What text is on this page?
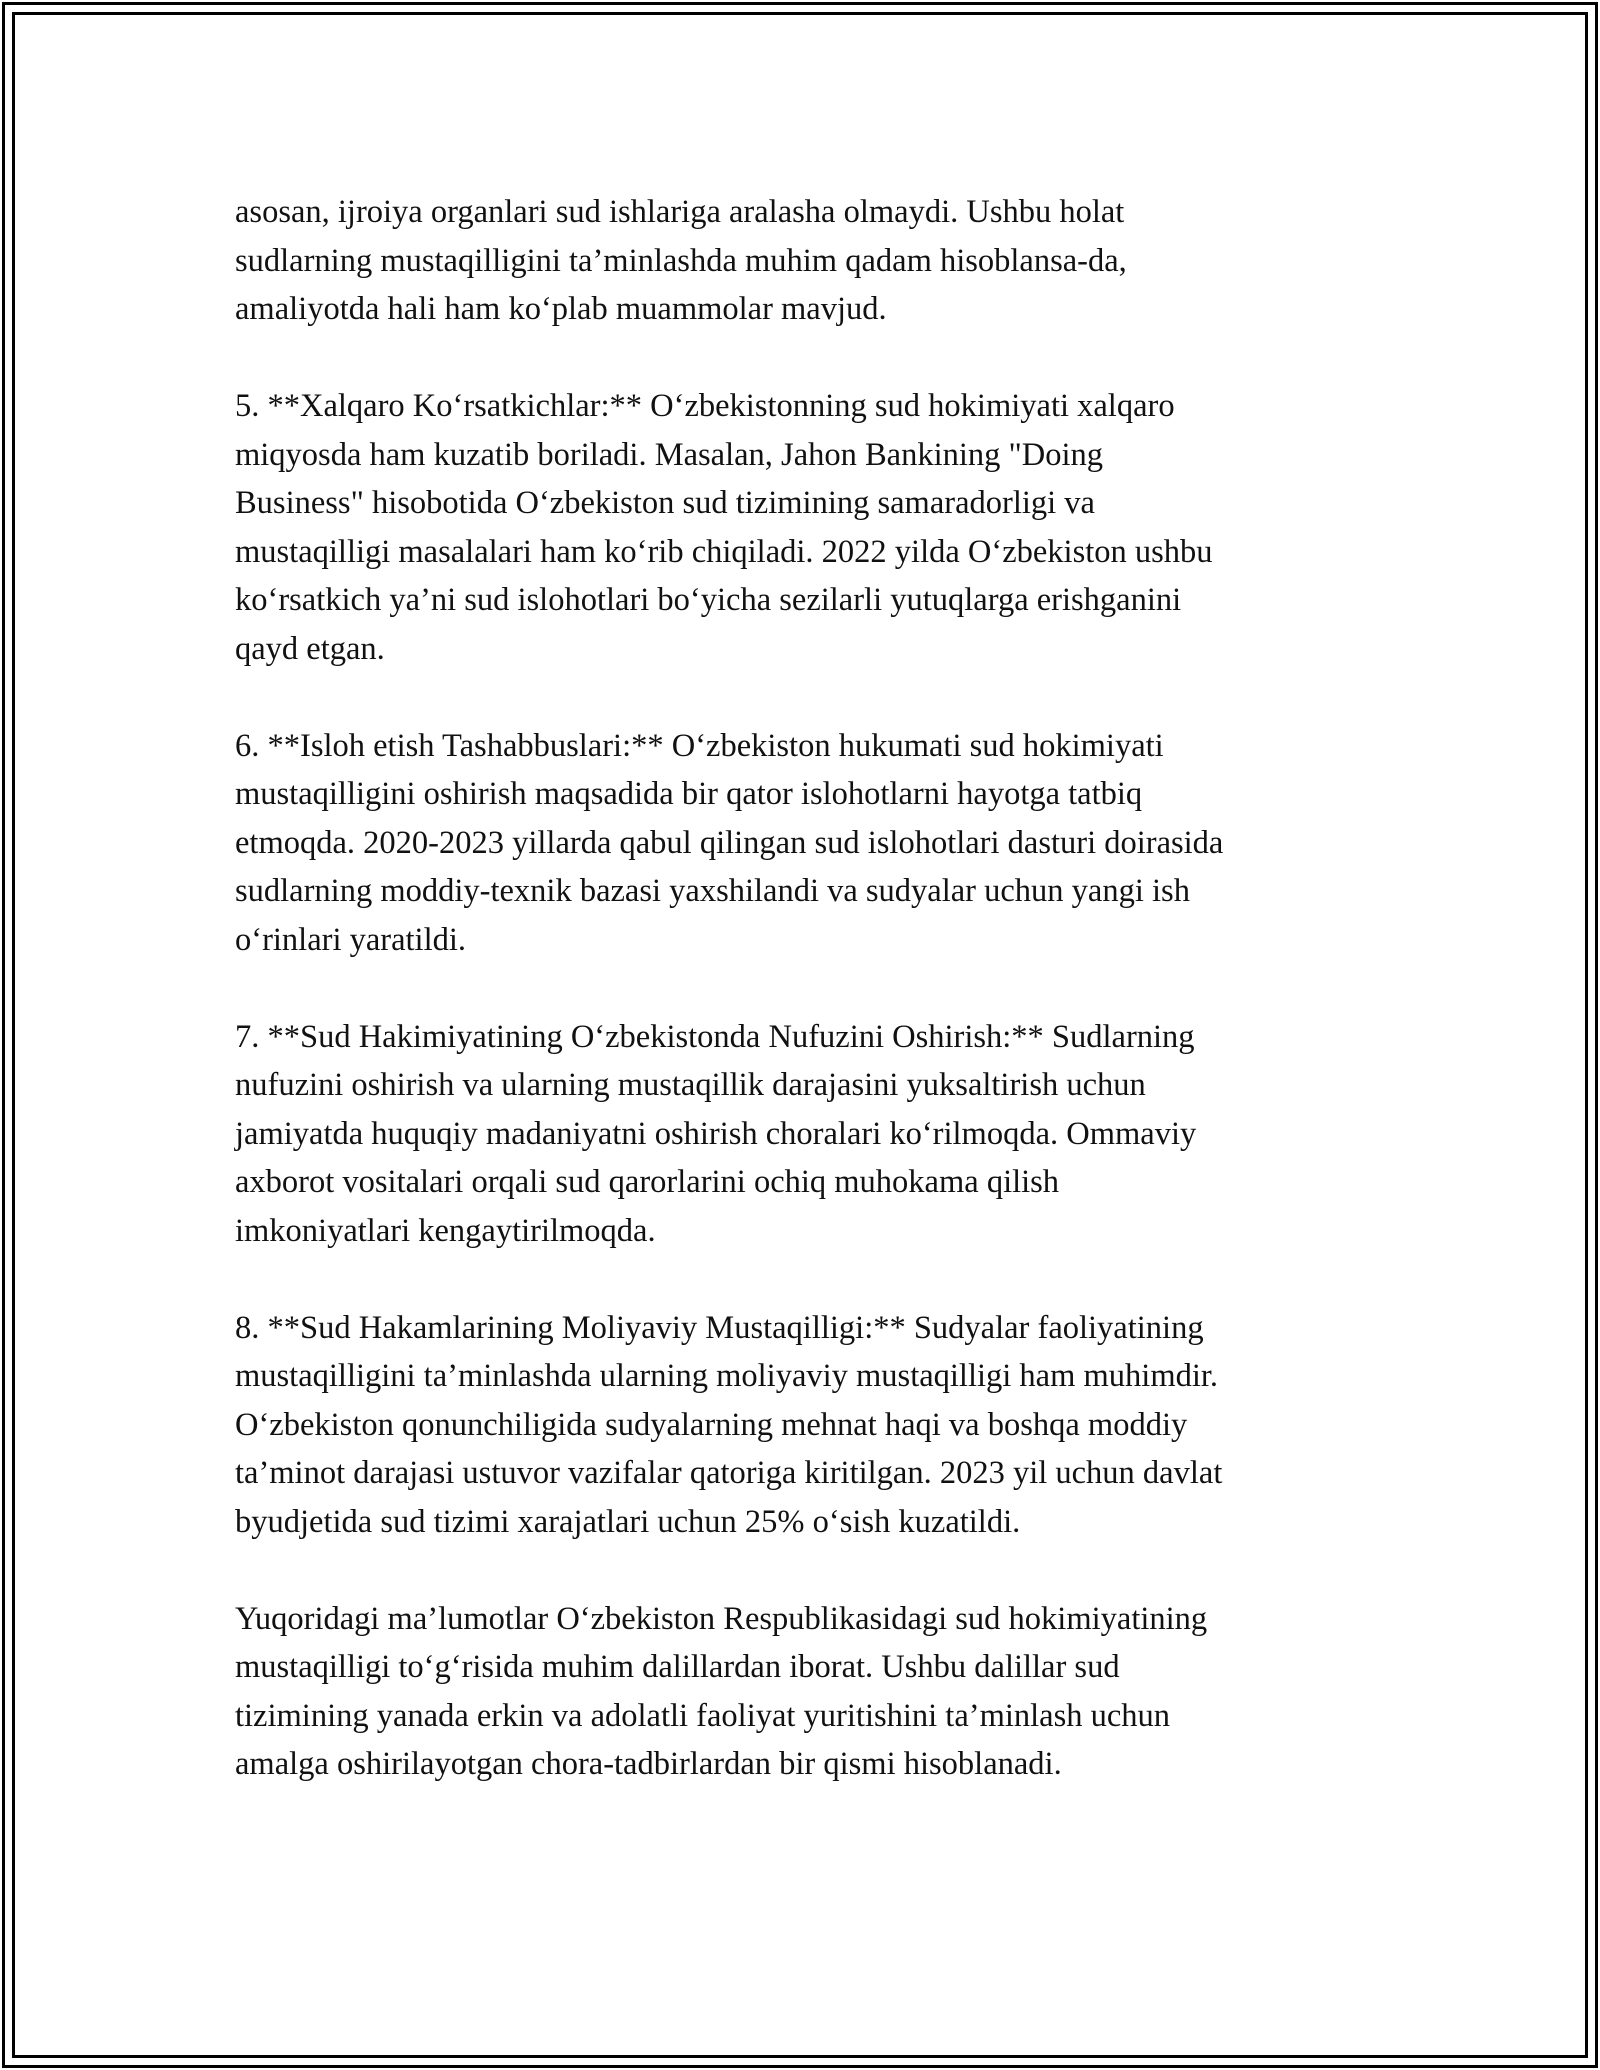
asosan, ijroiya organlari sud ishlariga aralasha olmaydi. Ushbu holat
sudlarning mustaqilligini ta’minlashda muhim qadam hisoblansa-da,
amaliyotda hali ham ko‘plab muammolar mavjud.

5. **Xalqaro Ko‘rsatkichlar:** O‘zbekistonning sud hokimiyati xalqaro
miqyosda ham kuzatib boriladi. Masalan, Jahon Bankining "Doing
Business" hisobotida O‘zbekiston sud tizimining samaradorligi va
mustaqilligi masalalari ham ko‘rib chiqiladi. 2022 yilda O‘zbekiston ushbu
ko‘rsatkich ya’ni sud islohotlari bo‘yicha sezilarli yutuqlarga erishganini
qayd etgan.

6. **Isloh etish Tashabbuslari:** O‘zbekiston hukumati sud hokimiyati
mustaqilligini oshirish maqsadida bir qator islohotlarni hayotga tatbiq
etmoqda. 2020-2023 yillarda qabul qilingan sud islohotlari dasturi doirasida
sudlarning moddiy-texnik bazasi yaxshilandi va sudyalar uchun yangi ish
o‘rinlari yaratildi.

7. **Sud Hakimiyatining O‘zbekistonda Nufuzini Oshirish:** Sudlarning
nufuzini oshirish va ularning mustaqillik darajasini yuksaltirish uchun
jamiyatda huquqiy madaniyatni oshirish choralari ko‘rilmoqda. Ommaviy
axborot vositalari orqali sud qarorlarini ochiq muhokama qilish
imkoniyatlari kengaytirilmoqda.

8. **Sud Hakamlarining Moliyaviy Mustaqilligi:** Sudyalar faoliyatining
mustaqilligini ta’minlashda ularning moliyaviy mustaqilligi ham muhimdir.
O‘zbekiston qonunchiligida sudyalarning mehnat haqi va boshqa moddiy
ta’minot darajasi ustuvor vazifalar qatoriga kiritilgan. 2023 yil uchun davlat
byudjetida sud tizimi xarajatlari uchun 25% o‘sish kuzatildi.

Yuqoridagi ma’lumotlar O‘zbekiston Respublikasidagi sud hokimiyatining
mustaqilligi to‘g‘risida muhim dalillardan iborat. Ushbu dalillar sud
tizimining yanada erkin va adolatli faoliyat yuritishini ta’minlash uchun
amalga oshirilayotgan chora-tadbirlardan bir qismi hisoblanadi.
